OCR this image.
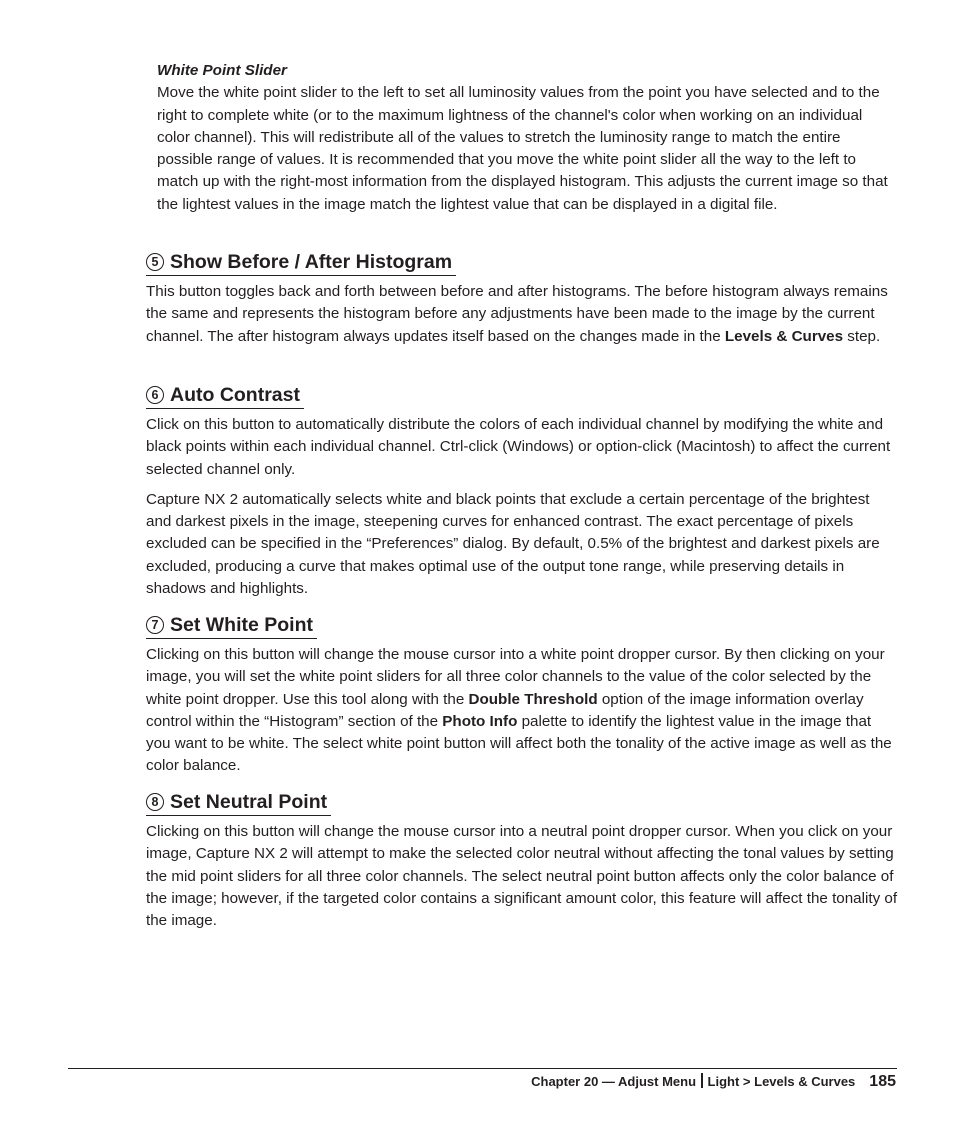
White Point Slider

Move the white point slider to the left to set all luminosity values from the point you have selected and to the right to complete white (or to the maximum lightness of the channel's color when working on an individual color channel). This will redistribute all of the values to stretch the luminosity range to match the entire possible range of values. It is recommended that you move the white point slider all the way to the left to match up with the right-most information from the displayed histogram. This adjusts the current image so that the lightest values in the image match the lightest value that can be displayed in a digital file.

5 Show Before / After Histogram

This button toggles back and forth between before and after histograms. The before histogram always remains the same and represents the histogram before any adjustments have been made to the image by the current channel. The after histogram always updates itself based on the changes made in the Levels & Curves step.

6 Auto Contrast

Click on this button to automatically distribute the colors of each individual channel by modifying the white and black points within each individual channel. Ctrl-click (Windows) or option-click (Macintosh) to affect the current selected channel only.

Capture NX 2 automatically selects white and black points that exclude a certain percentage of the brightest and darkest pixels in the image, steepening curves for enhanced contrast. The exact percentage of pixels excluded can be specified in the “Preferences” dialog. By default, 0.5% of the brightest and darkest pixels are excluded, producing a curve that makes optimal use of the output tone range, while preserving details in shadows and highlights.

7 Set White Point

Clicking on this button will change the mouse cursor into a white point dropper cursor. By then clicking on your image, you will set the white point sliders for all three color channels to the value of the color selected by the white point dropper. Use this tool along with the Double Threshold option of the image information overlay control within the “Histogram” section of the Photo Info palette to identify the lightest value in the image that you want to be white. The select white point button will affect both the tonality of the active image as well as the color balance.

8 Set Neutral Point

Clicking on this button will change the mouse cursor into a neutral point dropper cursor. When you click on your image, Capture NX 2 will attempt to make the selected color neutral without affecting the tonal values by setting the mid point sliders for all three color channels. The select neutral point button affects only the color balance of the image; however, if the targeted color contains a significant amount color, this feature will affect the tonality of the image.

Chapter 20 — Adjust Menu Light > Levels & Curves 185
